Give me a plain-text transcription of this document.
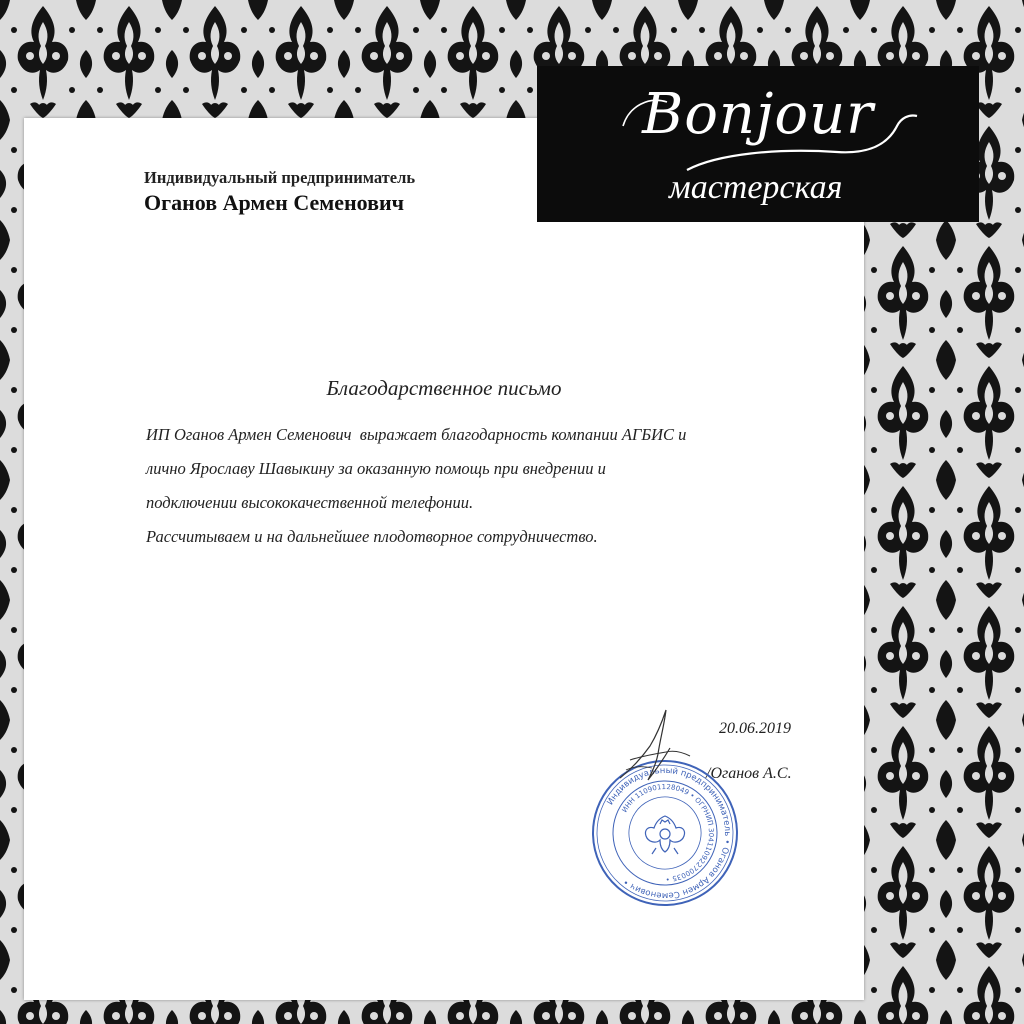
Bonjour
мастерская
Индивидуальный предприниматель
Оганов Армен Семенович
Благодарственное письмо
ИП Оганов Армен Семенович  выражает благодарность компании АГБИС и
лично Ярославу Шавыкину за оказанную помощь при внедрении и
подключении высококачественной телефонии.
Рассчитываем и на дальнейшее плодотворное сотрудничество.
20.06.2019
/Оганов А.С.
Индивидуальный предприниматель • Оганов Армен Семенович •
ИНН 110901128049 • ОГРНИП 304110922700035 •
